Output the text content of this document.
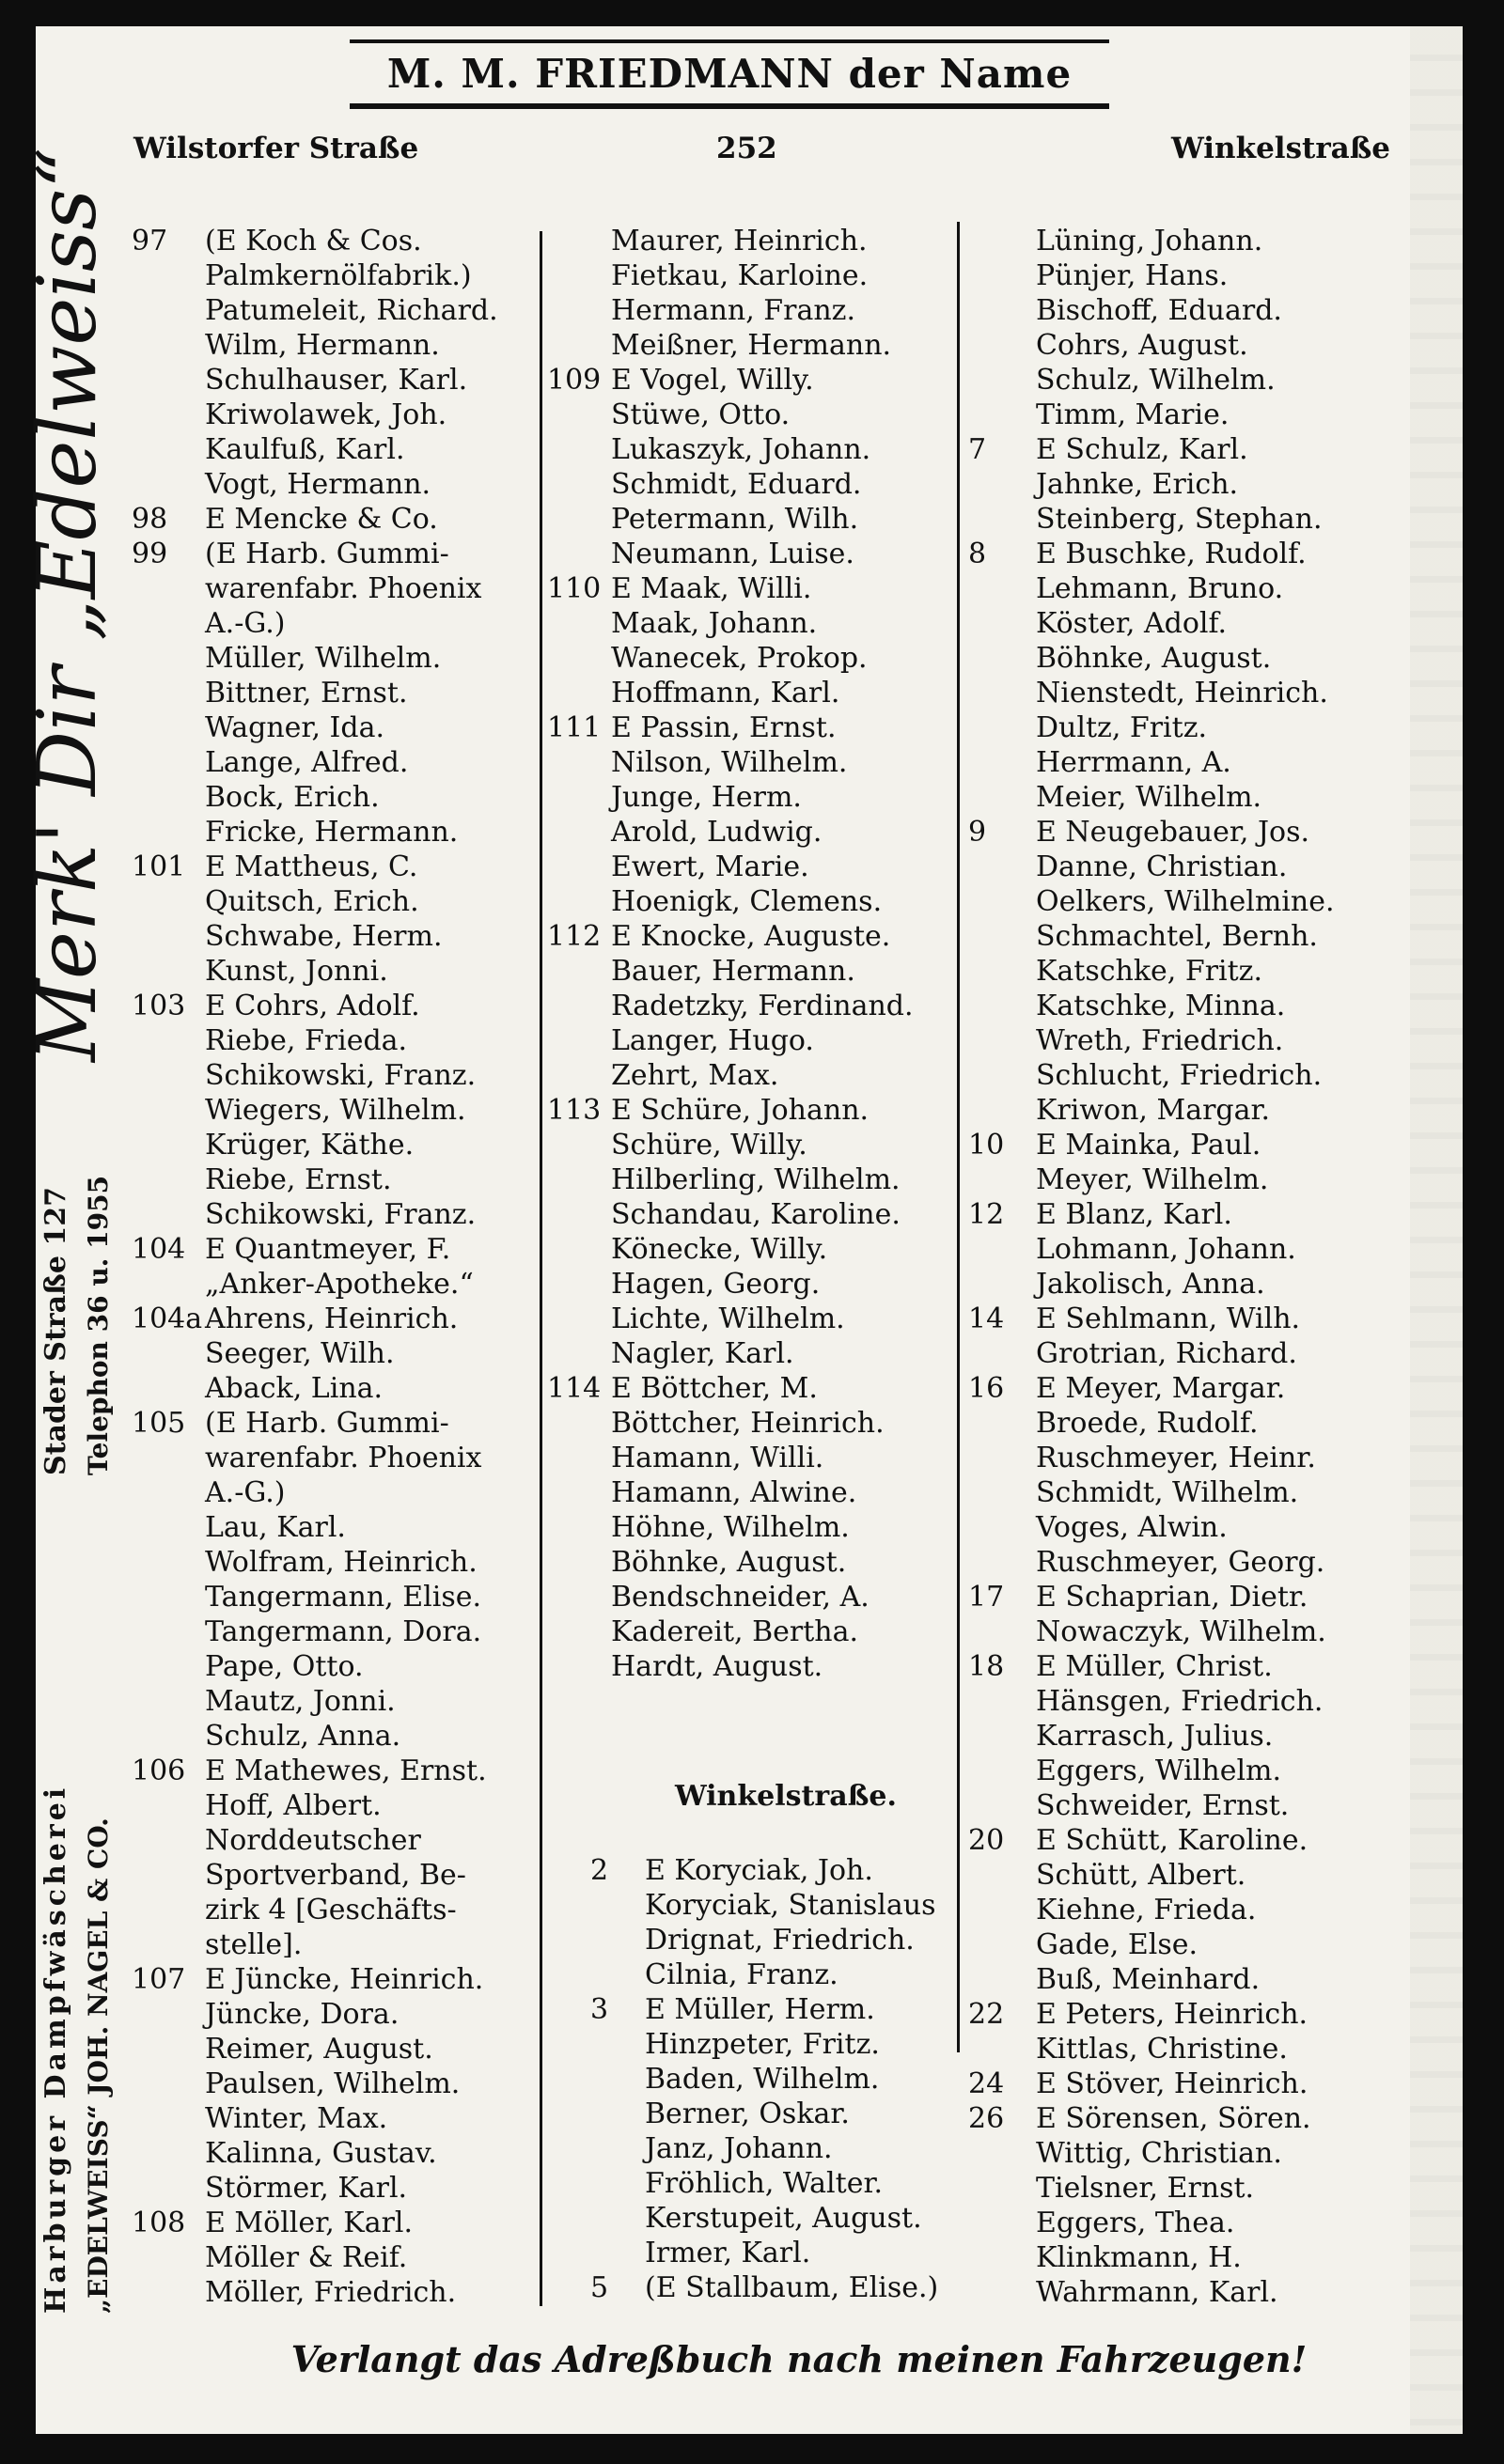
M. M. FRIEDMANN der Name
Wilstorfer Straße	252	Winkelstraße
Merk' Dir „Edelweiss“
Stader Straße 127 Telephon 36 u. 1955
Harburger Dampfwäscherei „EDELWEISS“ JOH. NAGEL & CO.
Winkelstraße.
97 (E Koch & Cos.
Palmkernölfabrik.)
Patumeleit, Richard.
Wilm, Hermann.
Schulhauser, Karl.
Kriwolawek, Joh.
Kaulfuß, Karl.
Vogt, Hermann.
98 E Mencke & Co.
99 (E Harb. Gummi-
warenfabr. Phoenix
A.-G.)
Müller, Wilhelm.
Bittner, Ernst.
Wagner, Ida.
Lange, Alfred.
Bock, Erich.
Fricke, Hermann.
101 E Mattheus, C.
Quitsch, Erich.
Schwabe, Herm.
Kunst, Jonni.
103 E Cohrs, Adolf.
Riebe, Frieda.
Schikowski, Franz.
Wiegers, Wilhelm.
Krüger, Käthe.
Riebe, Ernst.
Schikowski, Franz.
104 E Quantmeyer, F.
„Anker-Apotheke.“
104a Ahrens, Heinrich.
Seeger, Wilh.
Aback, Lina.
105 (E Harb. Gummi-
warenfabr. Phoenix
A.-G.)
Lau, Karl.
Wolfram, Heinrich.
Tangermann, Elise.
Tangermann, Dora.
Pape, Otto.
Mautz, Jonni.
Schulz, Anna.
106 E Mathewes, Ernst.
Hoff, Albert.
Norddeutscher
Sportverband, Be-
zirk 4 [Geschäfts-
stelle].
107 E Jüncke, Heinrich.
Jüncke, Dora.
Reimer, August.
Paulsen, Wilhelm.
Winter, Max.
Kalinna, Gustav.
Störmer, Karl.
108 E Möller, Karl.
Möller & Reif.
Möller, Friedrich.
Maurer, Heinrich.
Fietkau, Karloine.
Hermann, Franz.
Meißner, Hermann.
109 E Vogel, Willy.
Stüwe, Otto.
Lukaszyk, Johann.
Schmidt, Eduard.
Petermann, Wilh.
Neumann, Luise.
110 E Maak, Willi.
Maak, Johann.
Wanecek, Prokop.
Hoffmann, Karl.
111 E Passin, Ernst.
Nilson, Wilhelm.
Junge, Herm.
Arold, Ludwig.
Ewert, Marie.
Hoenigk, Clemens.
112 E Knocke, Auguste.
Bauer, Hermann.
Radetzky, Ferdinand.
Langer, Hugo.
Zehrt, Max.
113 E Schüre, Johann.
Schüre, Willy.
Hilberling, Wilhelm.
Schandau, Karoline.
Könecke, Willy.
Hagen, Georg.
Lichte, Wilhelm.
Nagler, Karl.
114 E Böttcher, M.
Böttcher, Heinrich.
Hamann, Willi.
Hamann, Alwine.
Höhne, Wilhelm.
Böhnke, August.
Bendschneider, A.
Kadereit, Bertha.
Hardt, August.
2 E Koryciak, Joh.
Koryciak, Stanislaus
Drignat, Friedrich.
Cilnia, Franz.
3 E Müller, Herm.
Hinzpeter, Fritz.
Baden, Wilhelm.
Berner, Oskar.
Janz, Johann.
Fröhlich, Walter.
Kerstupeit, August.
Irmer, Karl.
5 (E Stallbaum, Elise.)
Lüning, Johann.
Pünjer, Hans.
Bischoff, Eduard.
Cohrs, August.
Schulz, Wilhelm.
Timm, Marie.
7 E Schulz, Karl.
Jahnke, Erich.
Steinberg, Stephan.
8 E Buschke, Rudolf.
Lehmann, Bruno.
Köster, Adolf.
Böhnke, August.
Nienstedt, Heinrich.
Dultz, Fritz.
Herrmann, A.
Meier, Wilhelm.
9 E Neugebauer, Jos.
Danne, Christian.
Oelkers, Wilhelmine.
Schmachtel, Bernh.
Katschke, Fritz.
Katschke, Minna.
Wreth, Friedrich.
Schlucht, Friedrich.
Kriwon, Margar.
10 E Mainka, Paul.
Meyer, Wilhelm.
12 E Blanz, Karl.
Lohmann, Johann.
Jakolisch, Anna.
14 E Sehlmann, Wilh.
Grotrian, Richard.
16 E Meyer, Margar.
Broede, Rudolf.
Ruschmeyer, Heinr.
Schmidt, Wilhelm.
Voges, Alwin.
Ruschmeyer, Georg.
17 E Schaprian, Dietr.
Nowaczyk, Wilhelm.
18 E Müller, Christ.
Hänsgen, Friedrich.
Karrasch, Julius.
Eggers, Wilhelm.
Schweider, Ernst.
20 E Schütt, Karoline.
Schütt, Albert.
Kiehne, Frieda.
Gade, Else.
Buß, Meinhard.
22 E Peters, Heinrich.
Kittlas, Christine.
24 E Stöver, Heinrich.
26 E Sörensen, Sören.
Wittig, Christian.
Tielsner, Ernst.
Eggers, Thea.
Klinkmann, H.
Wahrmann, Karl.
Verlangt das Adreßbuch nach meinen Fahrzeugen!
